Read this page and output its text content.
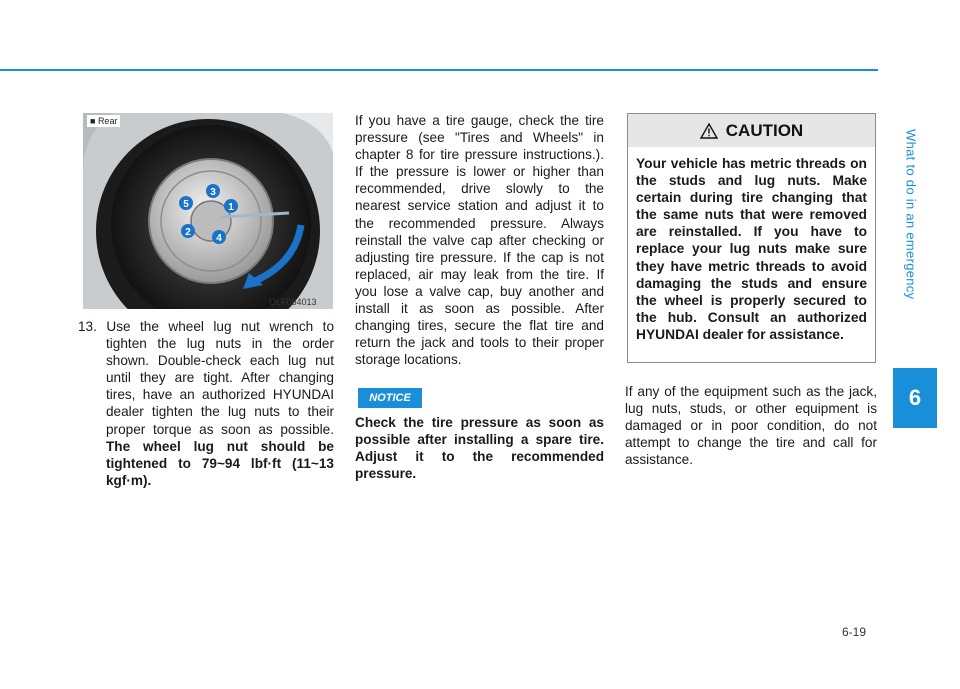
What to do in an emergency
6
■ Rear
1
2
3
4
5
OLF064013

13. Use the wheel lug nut wrench to tighten the lug nuts in the order shown. Double-check each lug nut until they are tight. After changing tires, have an authorized HYUNDAI dealer tighten the lug nuts to their proper torque as soon as possible. The wheel lug nut should be tightened to 79~94 lbf·ft (11~13 kgf·m).

If you have a tire gauge, check the tire pressure (see "Tires and Wheels" in chapter 8 for tire pressure instructions.). If the pressure is lower or higher than recommended, drive slowly to the nearest service station and adjust it to the recommended pressure. Always reinstall the valve cap after checking or adjusting tire pressure. If the cap is not replaced, air may leak from the tire. If you lose a valve cap, buy another and install it as soon as possible. After changing tires, secure the flat tire and return the jack and tools to their proper storage locations.

NOTICE
Check the tire pressure as soon as possible after installing a spare tire. Adjust it to the recommended pressure.
CAUTION
Your vehicle has metric threads on the studs and lug nuts. Make certain during tire changing that the same nuts that were removed are reinstalled. If you have to replace your lug nuts make sure they have metric threads to avoid damaging the studs and ensure the wheel is properly secured to the hub. Consult an authorized HYUNDAI dealer for assistance.

If any of the equipment such as the jack, lug nuts, studs, or other equipment is damaged or in poor condition, do not attempt to change the tire and call for assistance.

6-19
